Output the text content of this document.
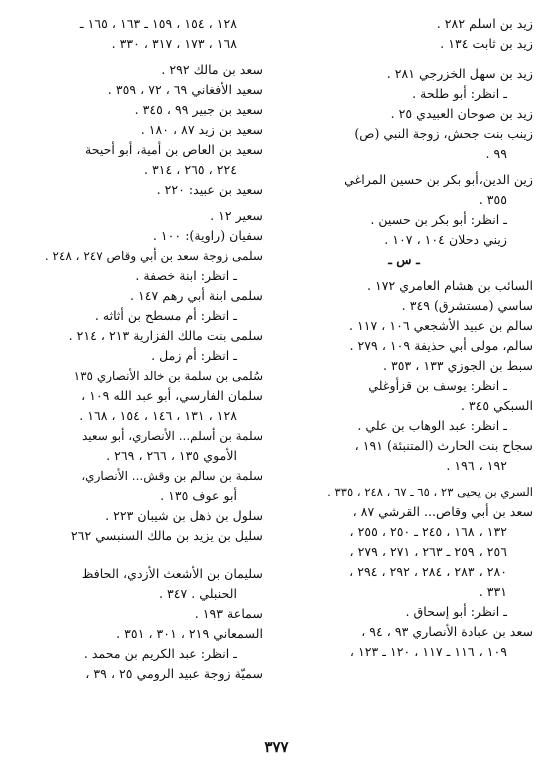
زيد بن اسلم ٢٨٢ .
زيد بن ثابت ١٣٤ .
زيد بن سهل الخزرجي ٢٨١ .
ـ انظر: أبو طلحة .
زيد بن صوحان العبيدي ٢٥ .
زينب بنت جحش، زوجة النبي (ص)
٩٩ .
زين الدين،أبو بكر بن حسين المراغي
٣٥٥ .
ـ انظر: أبو بكر بن حسين .
زيني دحلان ١٠٤ ، ١٠٧ .
ـ س ـ
السائب بن هشام العامري ١٧٢ .
ساسي (مستشرق) ٣٤٩ .
سالم بن عبيد الأشجعي ١٠٦ ، ١١٧ .
سالم، مولى أبي حذيفة ١٠٩ ، ٢٧٩ .
سبط بن الجوزي ١٣٣ ، ٣٥٣ .
ـ انظر: يوسف بن قزأوغلي
السبكي ٣٤٥ .
ـ انظر: عبد الوهاب بن علي .
سجاح بنت الحارث (المتنبئة) ١٩١ ،
١٩٢ ، ١٩٦ .
السري بن يحيى ٢٣ ، ٦٥ ـ ٦٧ ، ٢٤٨ ، ٣٣٥ .
سعد بن أبي وقاص... القرشي ٨٧ ،
١٣٢ ، ١٦٨ ، ٢٤٥ ـ ٢٥٠ ، ٢٥٥ ،
٢٥٦ ، ٢٥٩ ـ ٢٦٣ ، ٢٧١ ، ٢٧٩ ،
٢٨٠ ، ٢٨٣ ، ٢٨٤ ، ٢٩٢ ، ٢٩٤ ،
٣٣١ .
ـ انظر: أبو إسحاق .
سعد بن عبادة الأنصاري ٩٣ ، ٩٤ ،
١٠٩ ، ١١٦ ـ ١١٧ ، ١٢٠ ـ ١٢٣ ،
١٢٨ ، ١٥٤ ، ١٥٩ ـ ١٦٣ ، ١٦٥ ـ
١٦٨ ، ١٧٣ ، ٣١٧ ، ٣٣٠ .
سعد بن مالك ٢٩٢ .
سعيد الأفغاني ٦٩ ، ٧٢ ، ٣٥٩ .
سعيد بن جبير ٩٩ ، ٣٤٥ .
سعيد بن زيد ٨٧ ، ١٨٠ .
سعيد بن العاص بن أمية، أبو أحيحة
٢٢٤ ، ٢٦٥ ، ٣١٤ .
سعيد بن عبيد: ٢٢٠ .
سعير ١٢ .
سفيان (راوية): ١٠٠ .
سلمى زوجة سعد بن أبي وقاص ٢٤٧ ، ٢٤٨ .
ـ انظر: ابنة خصفة .
سلمى ابنة أبي رهم ١٤٧ .
ـ انظر: أم مسطح بن أثاثه .
سلمى بنت مالك الفزارية ٢١٣ ، ٢١٤ .
ـ انظر: أم زمل .
سُلمى بن سلمة بن خالد الأنصاري ١٣٥
سلمان الفارسي، أبو عبد الله ١٠٩ ،
١٢٨ ، ١٣١ ، ١٤٦ ، ١٥٤ ، ١٦٨ .
سلمة بن أسلم... الأنصاري، أبو سعيد
الأموي ١٣٥ ، ٢٦٦ ، ٢٦٩ .
سلمة بن سالم بن وقش... الأنصاري،
أبو عوف ١٣٥ .
سلول بن ذهل بن شيبان ٢٢٣ .
سليل بن يزيد بن مالك السنبسي ٢٦٢
سليمان بن الأشعث الأزدي، الحافظ
الحنبلي . ٣٤٧ .
سماعة ١٩٣ .
السمعاني ٢١٩ ، ٣٠١ ، ٣٥١ .
ـ انظر: عبد الكريم بن محمد .
سميّة زوجة عبيد الرومي ٢٥ ، ٣٩ ،
٣٧٧
